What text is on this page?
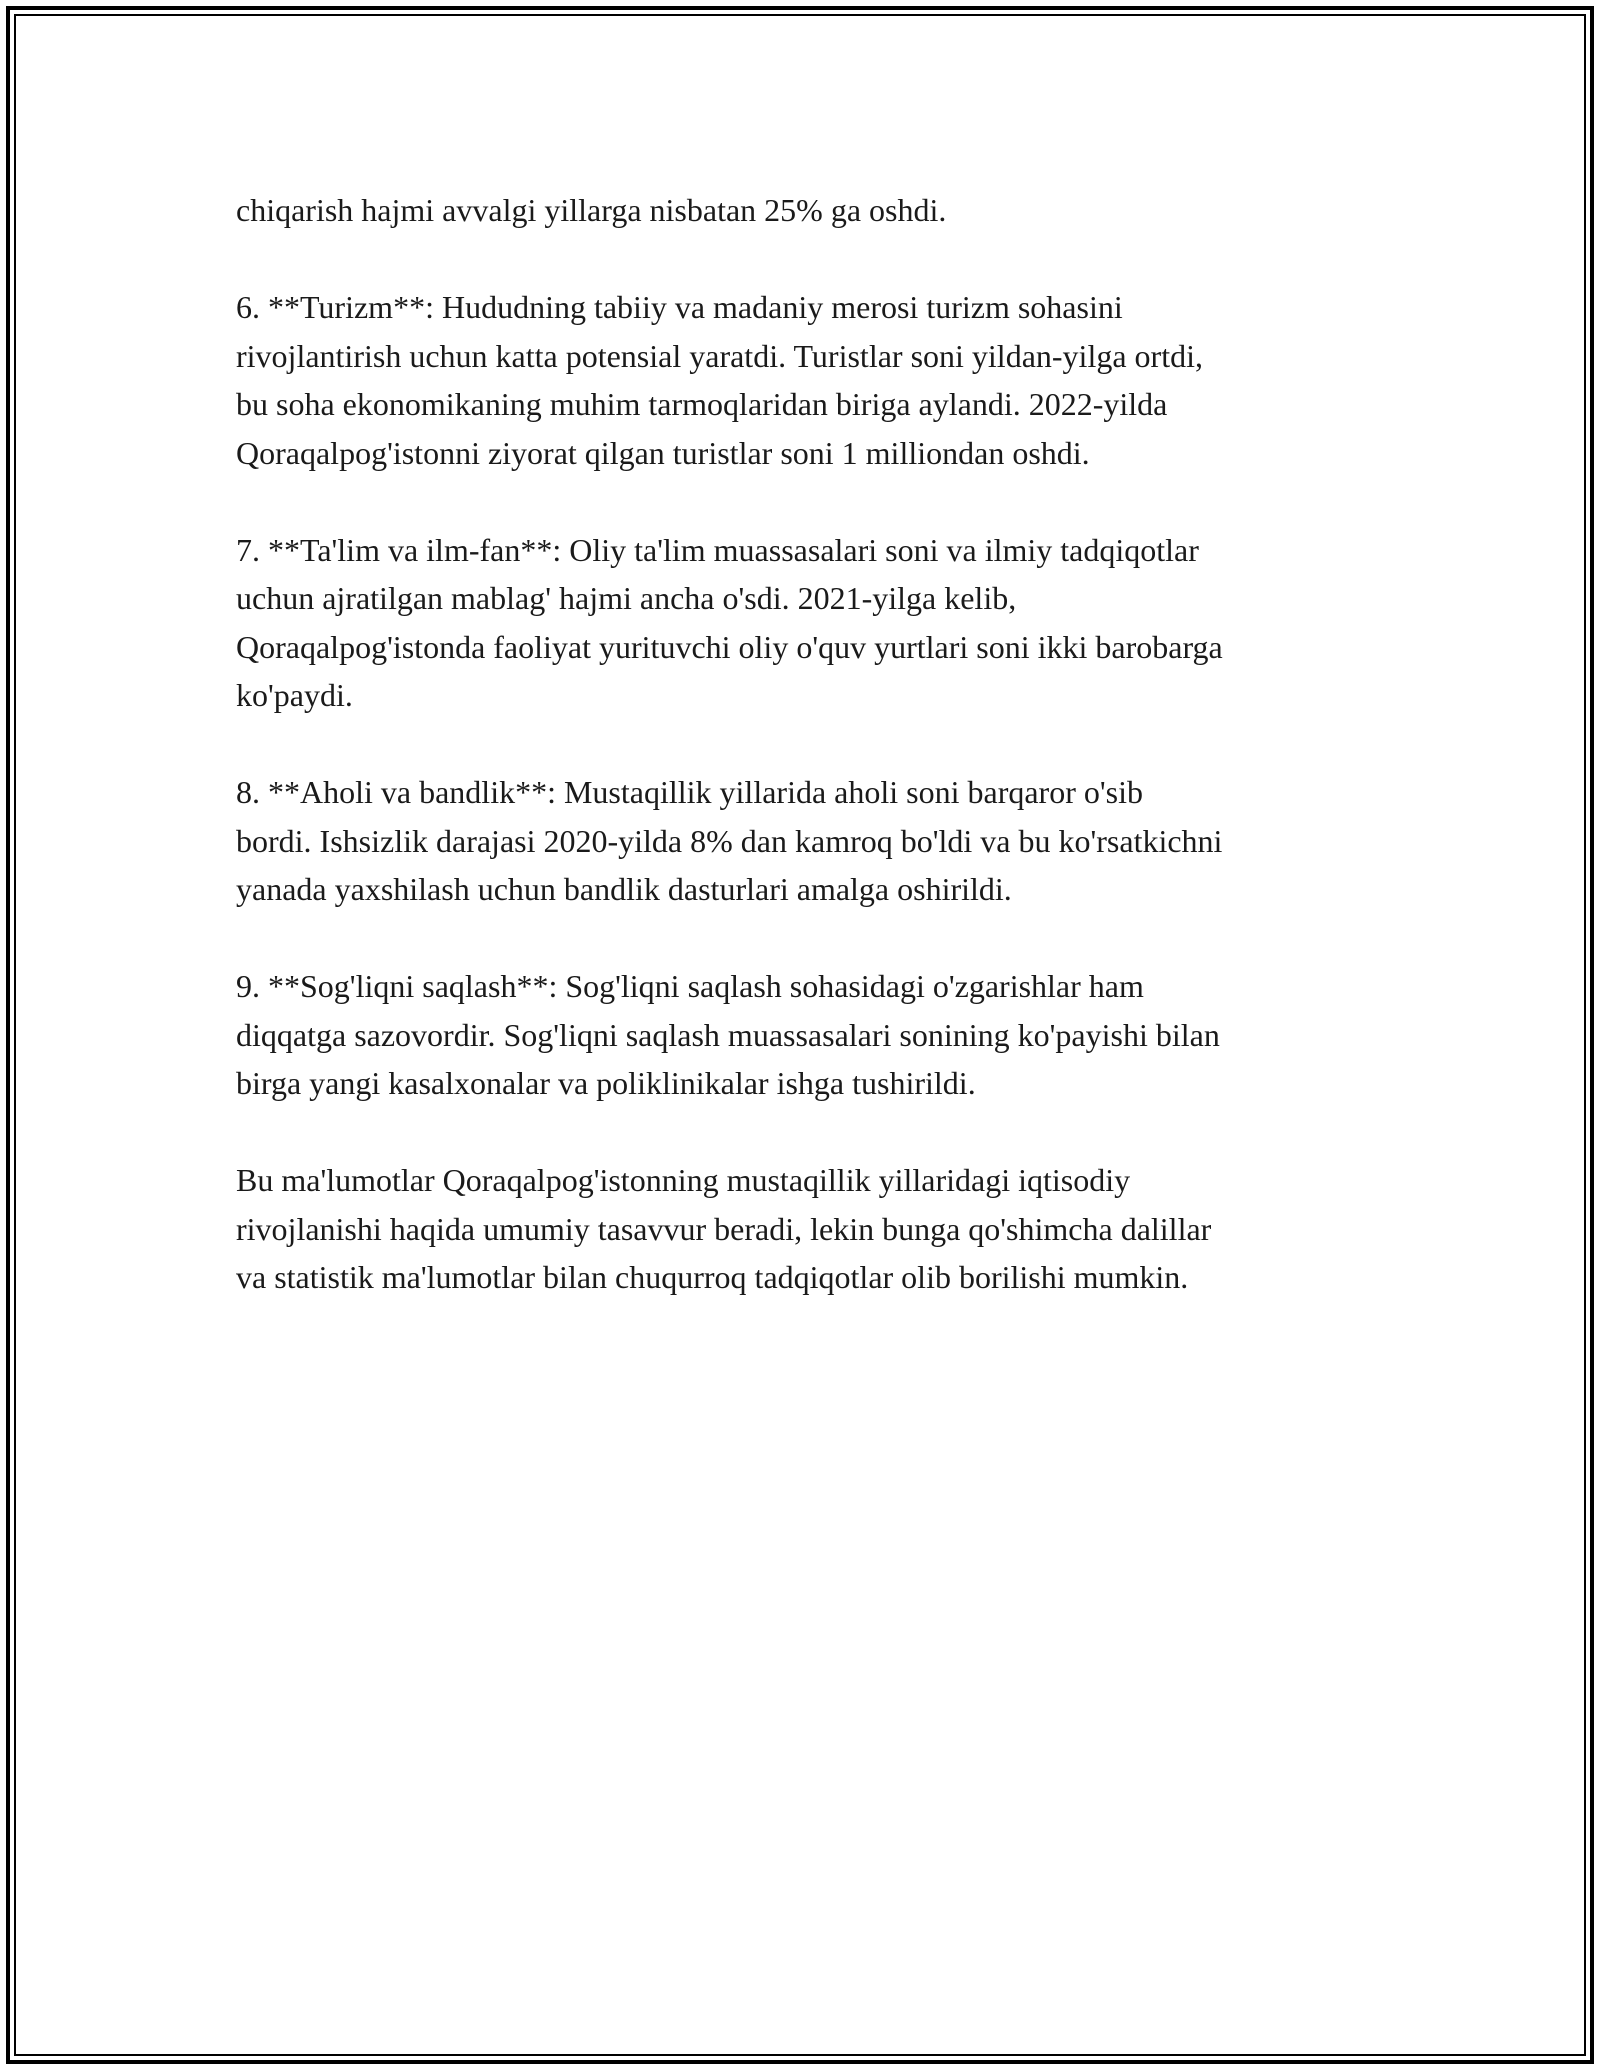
chiqarish hajmi avvalgi yillarga nisbatan 25% ga oshdi.

6. **Turizm**: Hududning tabiiy va madaniy merosi turizm sohasini
rivojlantirish uchun katta potensial yaratdi. Turistlar soni yildan-yilga ortdi,
bu soha ekonomikaning muhim tarmoqlaridan biriga aylandi. 2022-yilda
Qoraqalpog'istonni ziyorat qilgan turistlar soni 1 milliondan oshdi.

7. **Ta'lim va ilm-fan**: Oliy ta'lim muassasalari soni va ilmiy tadqiqotlar
uchun ajratilgan mablag' hajmi ancha o'sdi. 2021-yilga kelib,
Qoraqalpog'istonda faoliyat yurituvchi oliy o'quv yurtlari soni ikki barobarga
ko'paydi.

8. **Aholi va bandlik**: Mustaqillik yillarida aholi soni barqaror o'sib
bordi. Ishsizlik darajasi 2020-yilda 8% dan kamroq bo'ldi va bu ko'rsatkichni
yanada yaxshilash uchun bandlik dasturlari amalga oshirildi.

9. **Sog'liqni saqlash**: Sog'liqni saqlash sohasidagi o'zgarishlar ham
diqqatga sazovordir. Sog'liqni saqlash muassasalari sonining ko'payishi bilan
birga yangi kasalxonalar va poliklinikalar ishga tushirildi.

Bu ma'lumotlar Qoraqalpog'istonning mustaqillik yillaridagi iqtisodiy
rivojlanishi haqida umumiy tasavvur beradi, lekin bunga qo'shimcha dalillar
va statistik ma'lumotlar bilan chuqurroq tadqiqotlar olib borilishi mumkin.
